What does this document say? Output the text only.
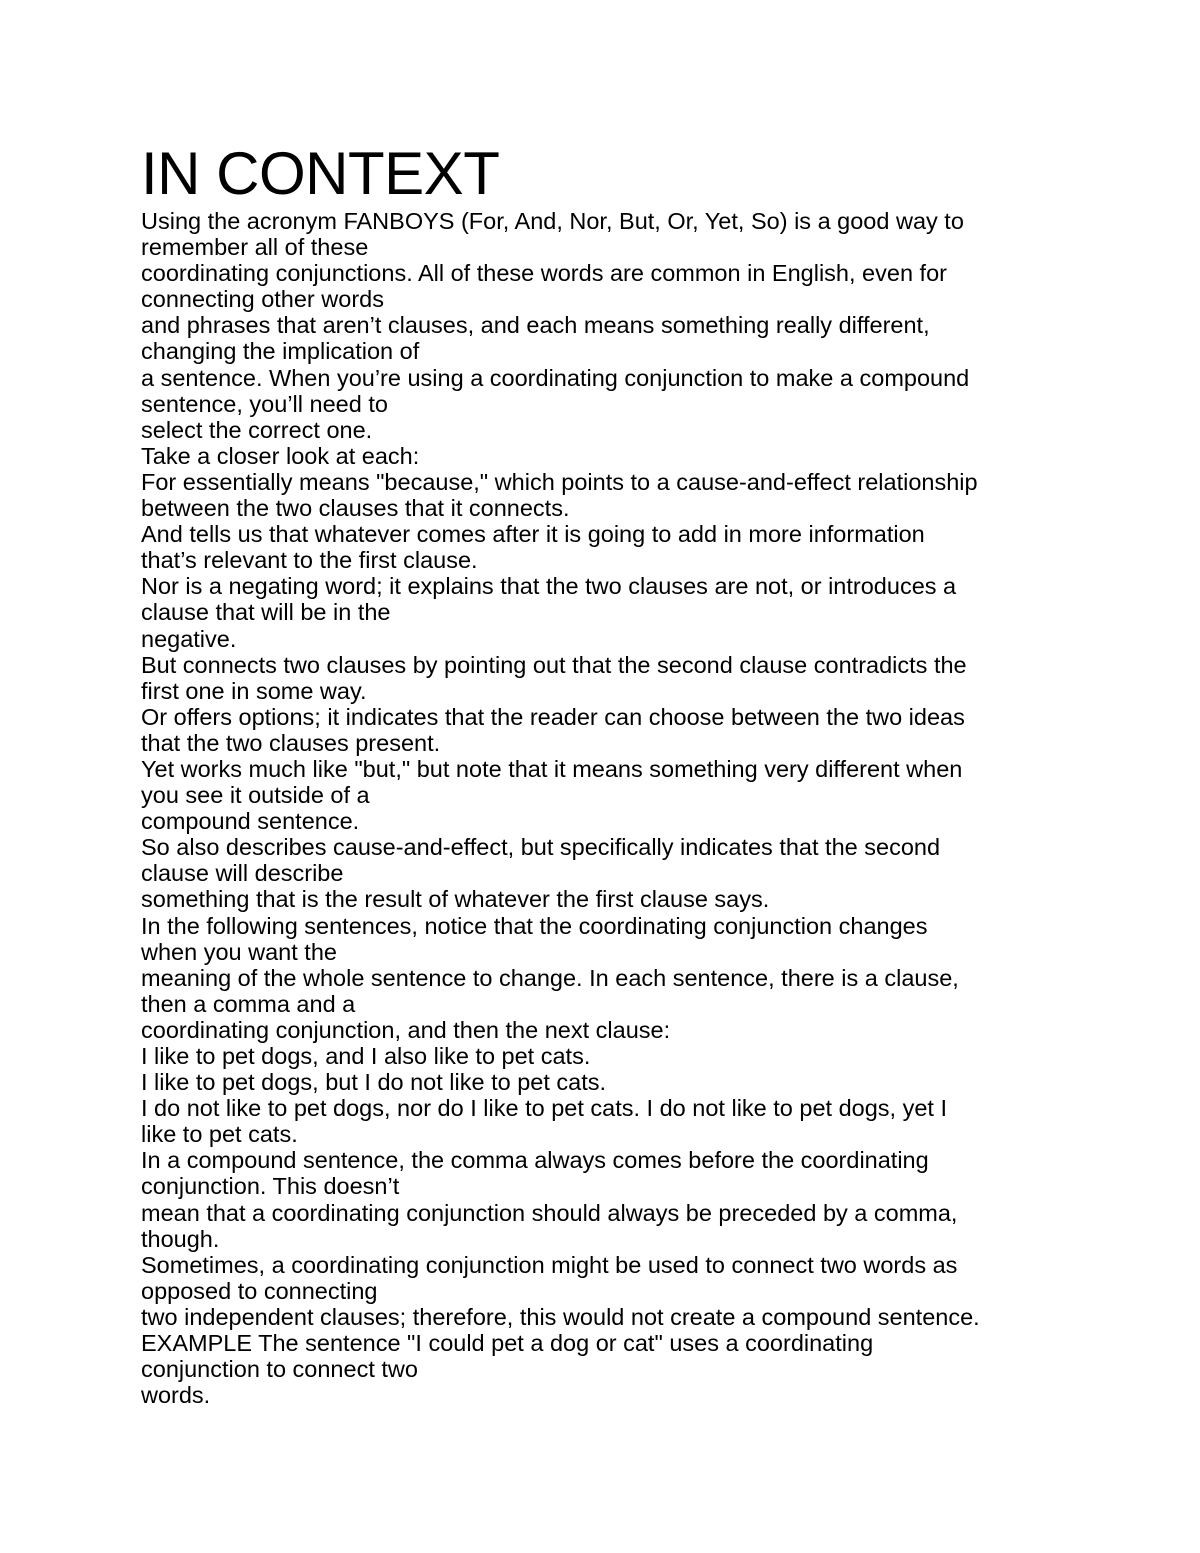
IN CONTEXT

Using the acronym FANBOYS (For, And, Nor, But, Or, Yet, So) is a good way to

remember all of these

coordinating conjunctions. All of these words are common in English, even for

connecting other words

and phrases that aren’t clauses, and each means something really different,

changing the implication of

a sentence. When you’re using a coordinating conjunction to make a compound

sentence, you’ll need to

select the correct one.

Take a closer look at each:

For essentially means "because," which points to a cause-and-effect relationship

between the two clauses that it connects.

And tells us that whatever comes after it is going to add in more information

that’s relevant to the first clause.

Nor is a negating word; it explains that the two clauses are not, or introduces a

clause that will be in the

negative.

But connects two clauses by pointing out that the second clause contradicts the

first one in some way.

Or offers options; it indicates that the reader can choose between the two ideas

that the two clauses present.

Yet works much like "but," but note that it means something very different when

you see it outside of a

compound sentence.

So also describes cause-and-effect, but specifically indicates that the second

clause will describe

something that is the result of whatever the first clause says.

In the following sentences, notice that the coordinating conjunction changes

when you want the

meaning of the whole sentence to change. In each sentence, there is a clause,

then a comma and a

coordinating conjunction, and then the next clause:

I like to pet dogs, and I also like to pet cats.

I like to pet dogs, but I do not like to pet cats.

I do not like to pet dogs, nor do I like to pet cats. I do not like to pet dogs, yet I

like to pet cats.

In a compound sentence, the comma always comes before the coordinating

conjunction. This doesn’t

mean that a coordinating conjunction should always be preceded by a comma,

though.

Sometimes, a coordinating conjunction might be used to connect two words as

opposed to connecting

two independent clauses; therefore, this would not create a compound sentence.

EXAMPLE The sentence "I could pet a dog or cat" uses a coordinating

conjunction to connect two

words.
